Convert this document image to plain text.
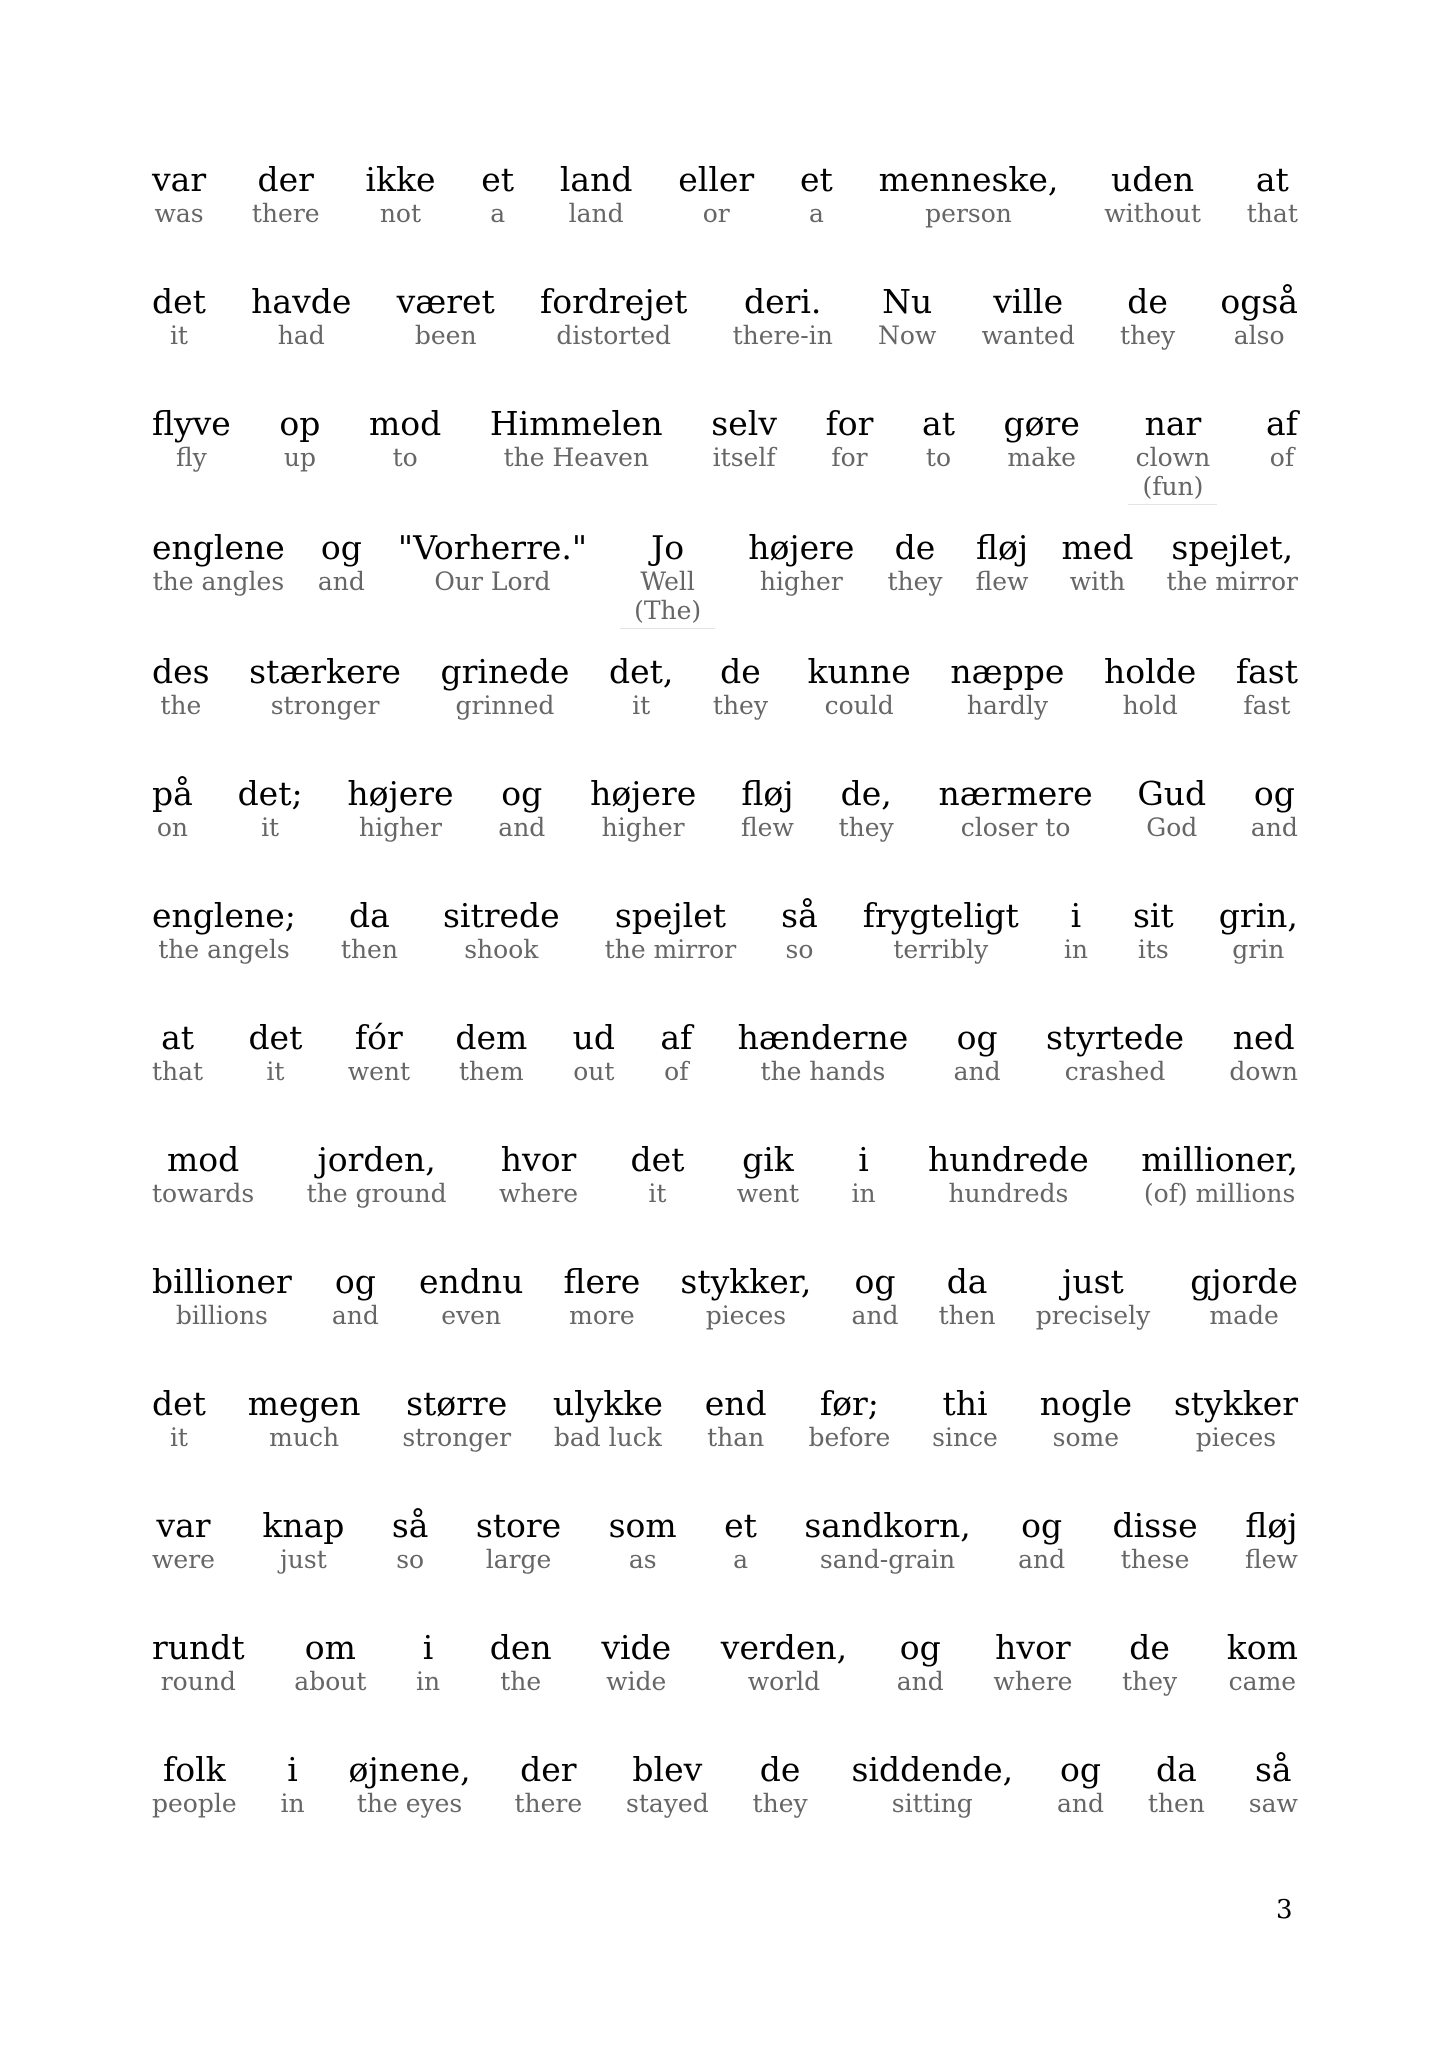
var
was
der
there
ikke
not
et
a
land
land
eller
or
et
a
menneske,
person
uden
without
at
that
det
it
havde
had
været
been
fordrejet
distorted
deri.
there-in
Nu
Now
ville
wanted
de
they
også
also
flyve
fly
op
up
mod
to
Himmelen
the Heaven
selv
itself
for
for
at
to
gøre
make
nar
clown
(fun)
af
of
englene
the angles
og
and
"Vorherre."
Our Lord
Jo
Well
(The)
højere
higher
de
they
fløj
flew
med
with
spejlet,
the mirror
des
the
stærkere
stronger
grinede
grinned
det,
it
de
they
kunne
could
næppe
hardly
holde
hold
fast
fast
på
on
det;
it
højere
higher
og
and
højere
higher
fløj
flew
de,
they
nærmere
closer to
Gud
God
og
and
englene;
the angels
da
then
sitrede
shook
spejlet
the mirror
så
so
frygteligt
terribly
i
in
sit
its
grin,
grin
at
that
det
it
fór
went
dem
them
ud
out
af
of
hænderne
the hands
og
and
styrtede
crashed
ned
down
mod
towards
jorden,
the ground
hvor
where
det
it
gik
went
i
in
hundrede
hundreds
millioner,
(of) millions
billioner
billions
og
and
endnu
even
flere
more
stykker,
pieces
og
and
da
then
just
precisely
gjorde
made
det
it
megen
much
større
stronger
ulykke
bad luck
end
than
før;
before
thi
since
nogle
some
stykker
pieces
var
were
knap
just
så
so
store
large
som
as
et
a
sandkorn,
sand-grain
og
and
disse
these
fløj
flew
rundt
round
om
about
i
in
den
the
vide
wide
verden,
world
og
and
hvor
where
de
they
kom
came
folk
people
i
in
øjnene,
the eyes
der
there
blev
stayed
de
they
siddende,
sitting
og
and
da
then
så
saw
3
